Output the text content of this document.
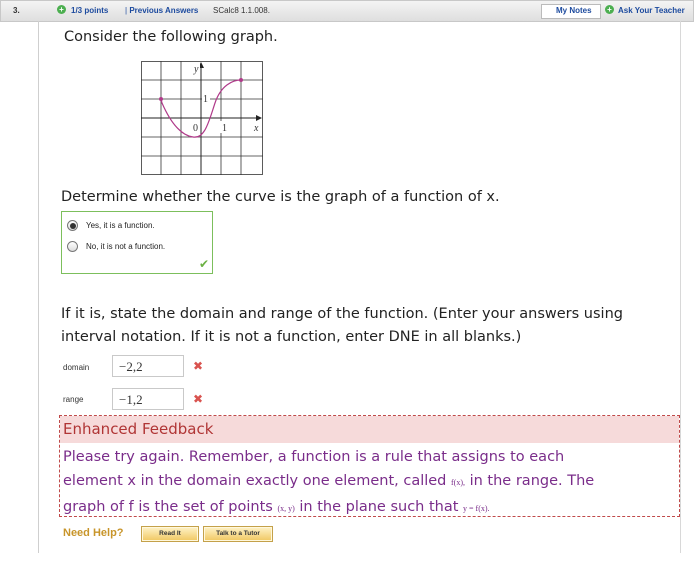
3.	+ 1/3 points | Previous Answers SCalc8 1.1.008.	My Notes + Ask Your Teacher
Consider the following graph.
y
1
0 1	x
Determine whether the curve is the graph of a function of x.
Yes, it is a function.
No, it is not a function.
✔
If it is, state the domain and range of the function. (Enter your answers using interval notation. If it is not a function, enter DNE in all blanks.)
domain	−2,2	✖
range	−1,2	✖
Enhanced Feedback
Please try again. Remember, a function is a rule that assigns to each
element x in the domain exactly one element, called f(x), in the range. The
graph of f is the set of points (x, y) in the plane such that y = f(x).
Need Help?	Read It	Talk to a Tutor
